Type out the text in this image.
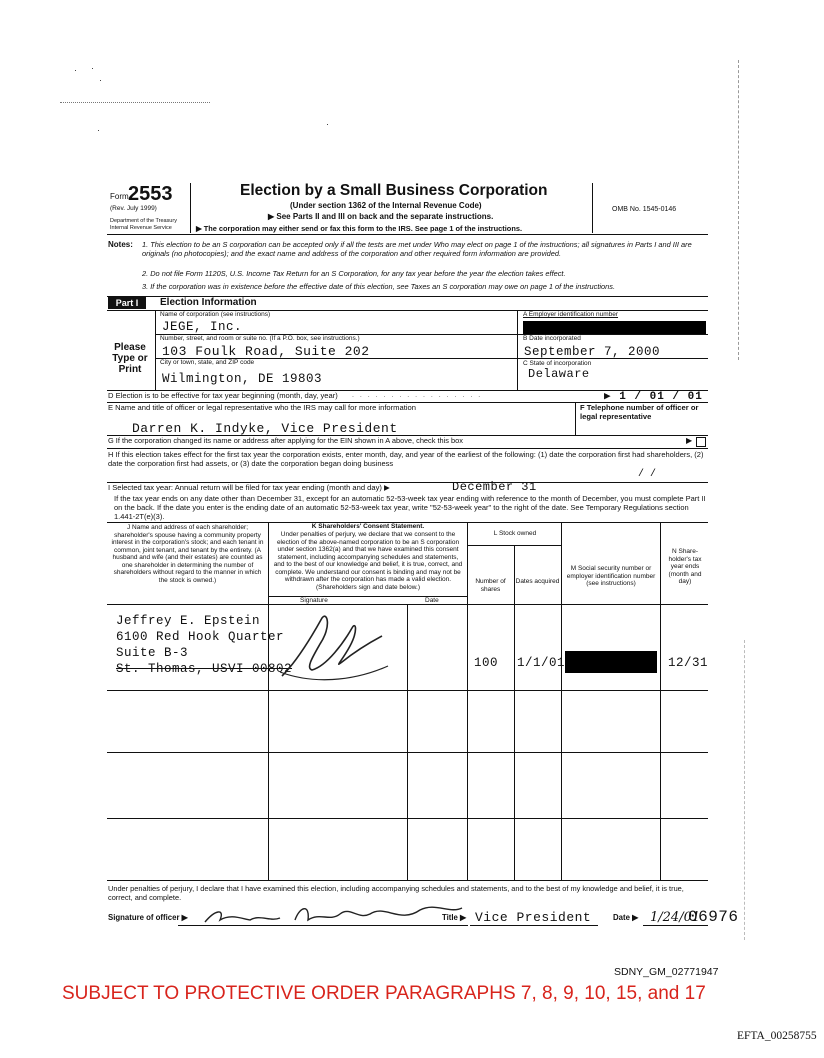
Form 2553
(Rev. July 1999)
Department of the Treasury
Internal Revenue Service
Election by a Small Business Corporation
(Under section 1362 of the Internal Revenue Code)
▶ See Parts II and III on back and the separate instructions.
▶ The corporation may either send or fax this form to the IRS. See page 1 of the instructions.
OMB No. 1545-0146
Notes: 1. This election to be an S corporation can be accepted only if all the tests are met under Who may elect on page 1 of the instructions; all signatures in Parts I and III are originals (no photocopies); and the exact name and address of the corporation and other required form information are provided.
2. Do not file Form 1120S, U.S. Income Tax Return for an S Corporation, for any tax year before the year the election takes effect.
3. If the corporation was in existence before the effective date of this election, see Taxes an S corporation may owe on page 1 of the instructions.
Part I	Election Information
Please Type or Print
Name of corporation (see instructions)
JEGE, Inc.
A Employer identification number
Number, street, and room or suite no. (If a P.O. box, see instructions.)
103 Foulk Road, Suite 202
B Date incorporated
September 7, 2000
City or town, state, and ZIP code
Wilmington, DE 19803
C State of incorporation
Delaware
D Election is to be effective for tax year beginning (month, day, year) . . . . . . . . . . . . . . . . .	▶ 1 / 01 / 01
E Name and title of officer or legal representative who the IRS may call for more information
Darren K. Indyke, Vice President
F Telephone number of officer or legal representative
G If the corporation changed its name or address after applying for the EIN shown in A above, check this box	▶
H If this election takes effect for the first tax year the corporation exists, enter month, day, and year of the earliest of the following: (1) date the corporation first had shareholders, (2) date the corporation first had assets, or (3) date the corporation began doing business
/ /
I Selected tax year: Annual return will be filed for tax year ending (month and day) ▶	December 31
If the tax year ends on any date other than December 31, except for an automatic 52-53-week tax year ending with reference to the month of December, you must complete Part II on the back. If the date you enter is the ending date of an automatic 52-53-week tax year, write "52-53-week year" to the right of the date. See Temporary Regulations section 1.441-2T(e)(3).
J Name and address of each shareholder; shareholder's spouse having a community property interest in the corporation's stock; and each tenant in common, joint tenant, and tenant by the entirety. (A husband and wife (and their estates) are counted as one shareholder in determining the number of shareholders without regard to the manner in which the stock is owned.)
K Shareholders' Consent Statement.
Under penalties of perjury, we declare that we consent to the election of the above-named corporation to be an S corporation under section 1362(a) and that we have examined this consent statement, including accompanying schedules and statements, and to the best of our knowledge and belief, it is true, correct, and complete. We understand our consent is binding and may not be withdrawn after the corporation has made a valid election. (Shareholders sign and date below.)
Signature	Date
L Stock owned
Number of shares
Dates acquired
M Social security number or employer identification number (see instructions)
N Share-holder's tax year ends (month and day)
Jeffrey E. Epstein
6100 Red Hook Quarter
Suite B-3
St. Thomas, USVI 00802	100 1/1/01	12/31
Under penalties of perjury, I declare that I have examined this election, including accompanying schedules and statements, and to the best of my knowledge and belief, it is true, correct, and complete.
Signature of officer ▶	Title ▶ Vice President	Date ▶ 1/24/01
06976
SDNY_GM_02771947
SUBJECT TO PROTECTIVE ORDER PARAGRAPHS 7, 8, 9, 10, 15, and 17
EFTA_00258755
